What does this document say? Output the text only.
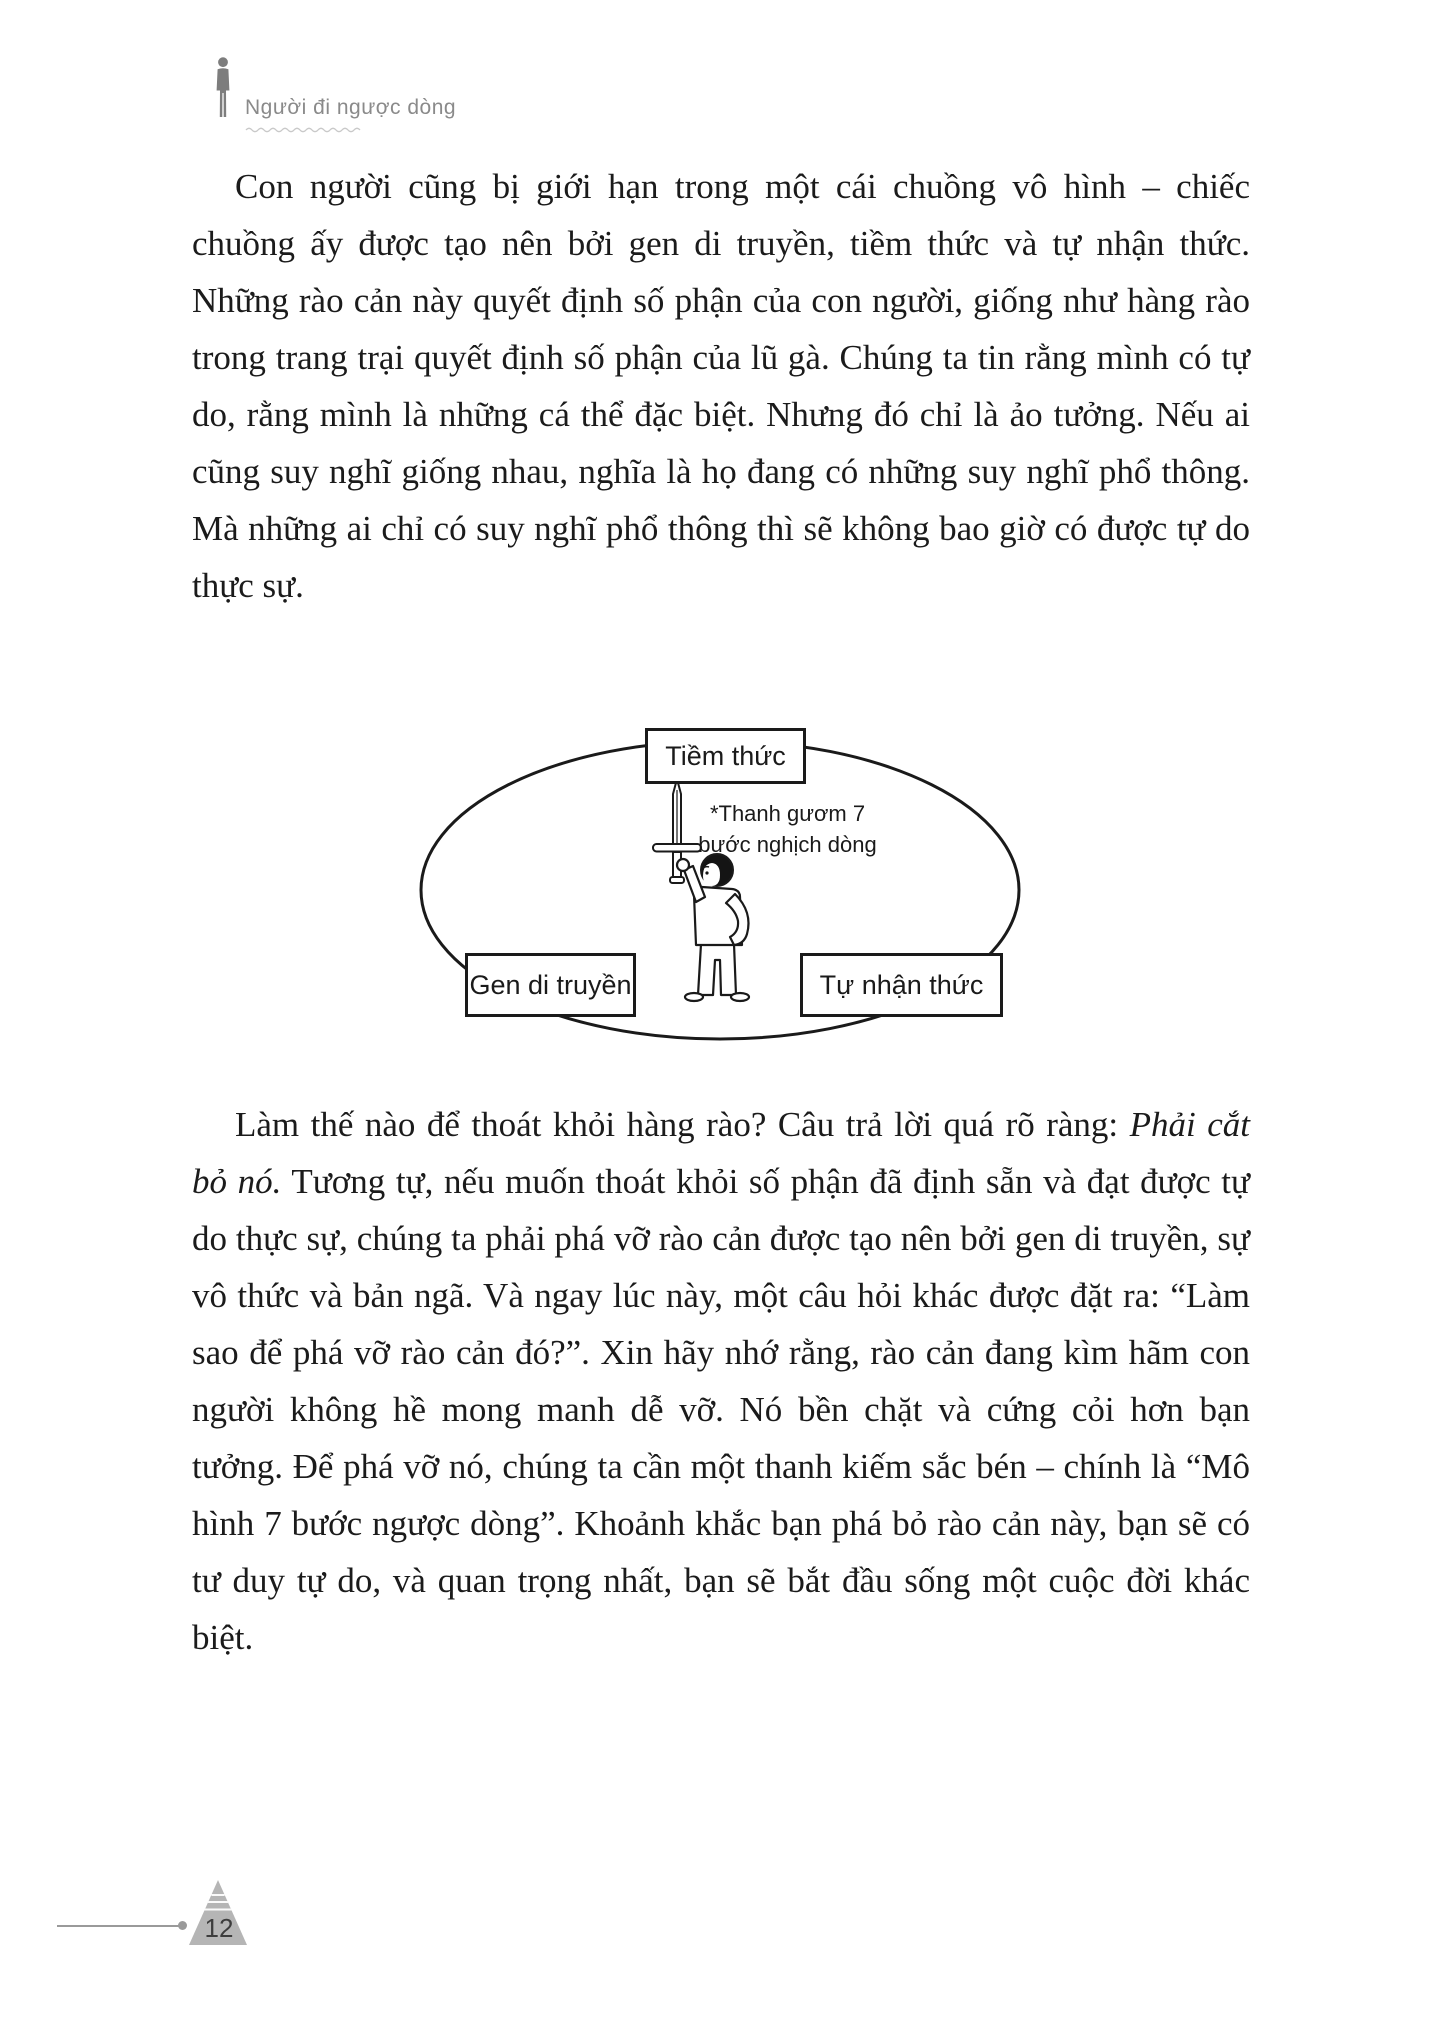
Người đi ngược dòng
Con người cũng bị giới hạn trong một cái chuồng vô hình – chiếc chuồng ấy được tạo nên bởi gen di truyền, tiềm thức và tự nhận thức. Những rào cản này quyết định số phận của con người, giống như hàng rào trong trang trại quyết định số phận của lũ gà. Chúng ta tin rằng mình có tự do, rằng mình là những cá thể đặc biệt. Nhưng đó chỉ là ảo tưởng. Nếu ai cũng suy nghĩ giống nhau, nghĩa là họ đang có những suy nghĩ phổ thông. Mà những ai chỉ có suy nghĩ phổ thông thì sẽ không bao giờ có được tự do thực sự.
Tiềm thức
Gen di truyền	Tự nhận thức
*Thanh gươm 7
bước nghịch dòng
Làm thế nào để thoát khỏi hàng rào? Câu trả lời quá rõ ràng: Phải cắt bỏ nó. Tương tự, nếu muốn thoát khỏi số phận đã định sẵn và đạt được tự do thực sự, chúng ta phải phá vỡ rào cản được tạo nên bởi gen di truyền, sự vô thức và bản ngã. Và ngay lúc này, một câu hỏi khác được đặt ra: “Làm sao để phá vỡ rào cản đó?”. Xin hãy nhớ rằng, rào cản đang kìm hãm con người không hề mong manh dễ vỡ. Nó bền chặt và cứng cỏi hơn bạn tưởng. Để phá vỡ nó, chúng ta cần một thanh kiếm sắc bén – chính là “Mô hình 7 bước ngược dòng”. Khoảnh khắc bạn phá bỏ rào cản này, bạn sẽ có tư duy tự do, và quan trọng nhất, bạn sẽ bắt đầu sống một cuộc đời khác biệt.
12
